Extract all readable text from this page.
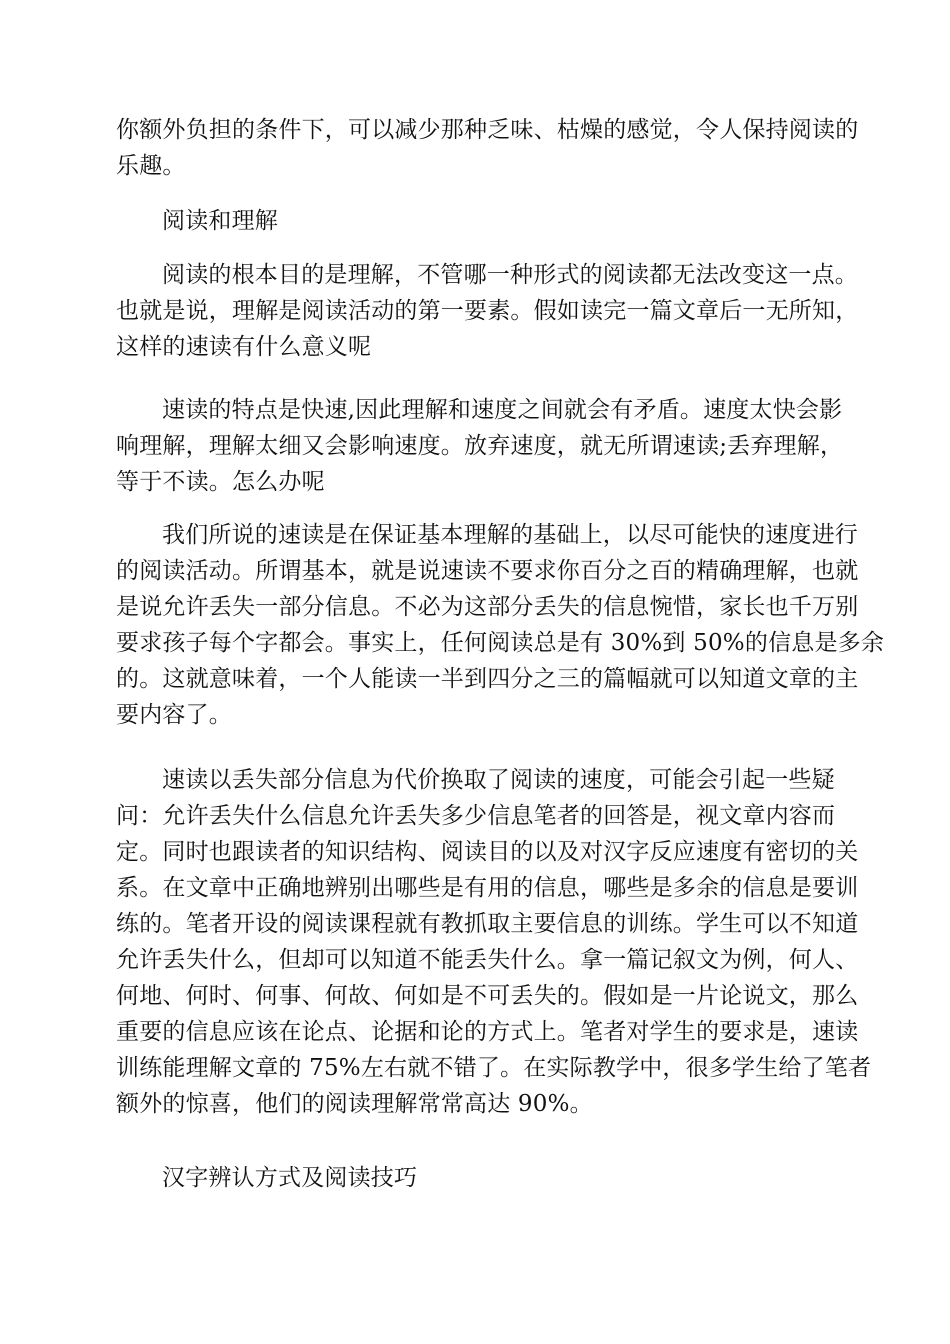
你额外负担的条件下，可以减少那种乏味、枯燥的感觉，令人保持阅读的
乐趣。
阅读和理解
阅读的根本目的是理解，不管哪一种形式的阅读都无法改变这一点。
也就是说，理解是阅读活动的第一要素。假如读完一篇文章后一无所知，
这样的速读有什么意义呢
速读的特点是快速,因此理解和速度之间就会有矛盾。速度太快会影
响理解，理解太细又会影响速度。放弃速度，就无所谓速读;丢弃理解，
等于不读。怎么办呢
我们所说的速读是在保证基本理解的基础上，以尽可能快的速度进行
的阅读活动。所谓基本，就是说速读不要求你百分之百的精确理解，也就
是说允许丢失一部分信息。不必为这部分丢失的信息惋惜，家长也千万别
要求孩子每个字都会。事实上，任何阅读总是有 30%到 50%的信息是多余
的。这就意味着，一个人能读一半到四分之三的篇幅就可以知道文章的主
要内容了。
速读以丢失部分信息为代价换取了阅读的速度，可能会引起一些疑
问：允许丢失什么信息允许丢失多少信息笔者的回答是，视文章内容而
定。同时也跟读者的知识结构、阅读目的以及对汉字反应速度有密切的关
系。在文章中正确地辨别出哪些是有用的信息，哪些是多余的信息是要训
练的。笔者开设的阅读课程就有教抓取主要信息的训练。学生可以不知道
允许丢失什么，但却可以知道不能丢失什么。拿一篇记叙文为例，何人、
何地、何时、何事、何故、何如是不可丢失的。假如是一片论说文，那么
重要的信息应该在论点、论据和论的方式上。笔者对学生的要求是，速读
训练能理解文章的 75%左右就不错了。在实际教学中，很多学生给了笔者
额外的惊喜，他们的阅读理解常常高达 90%。
汉字辨认方式及阅读技巧
